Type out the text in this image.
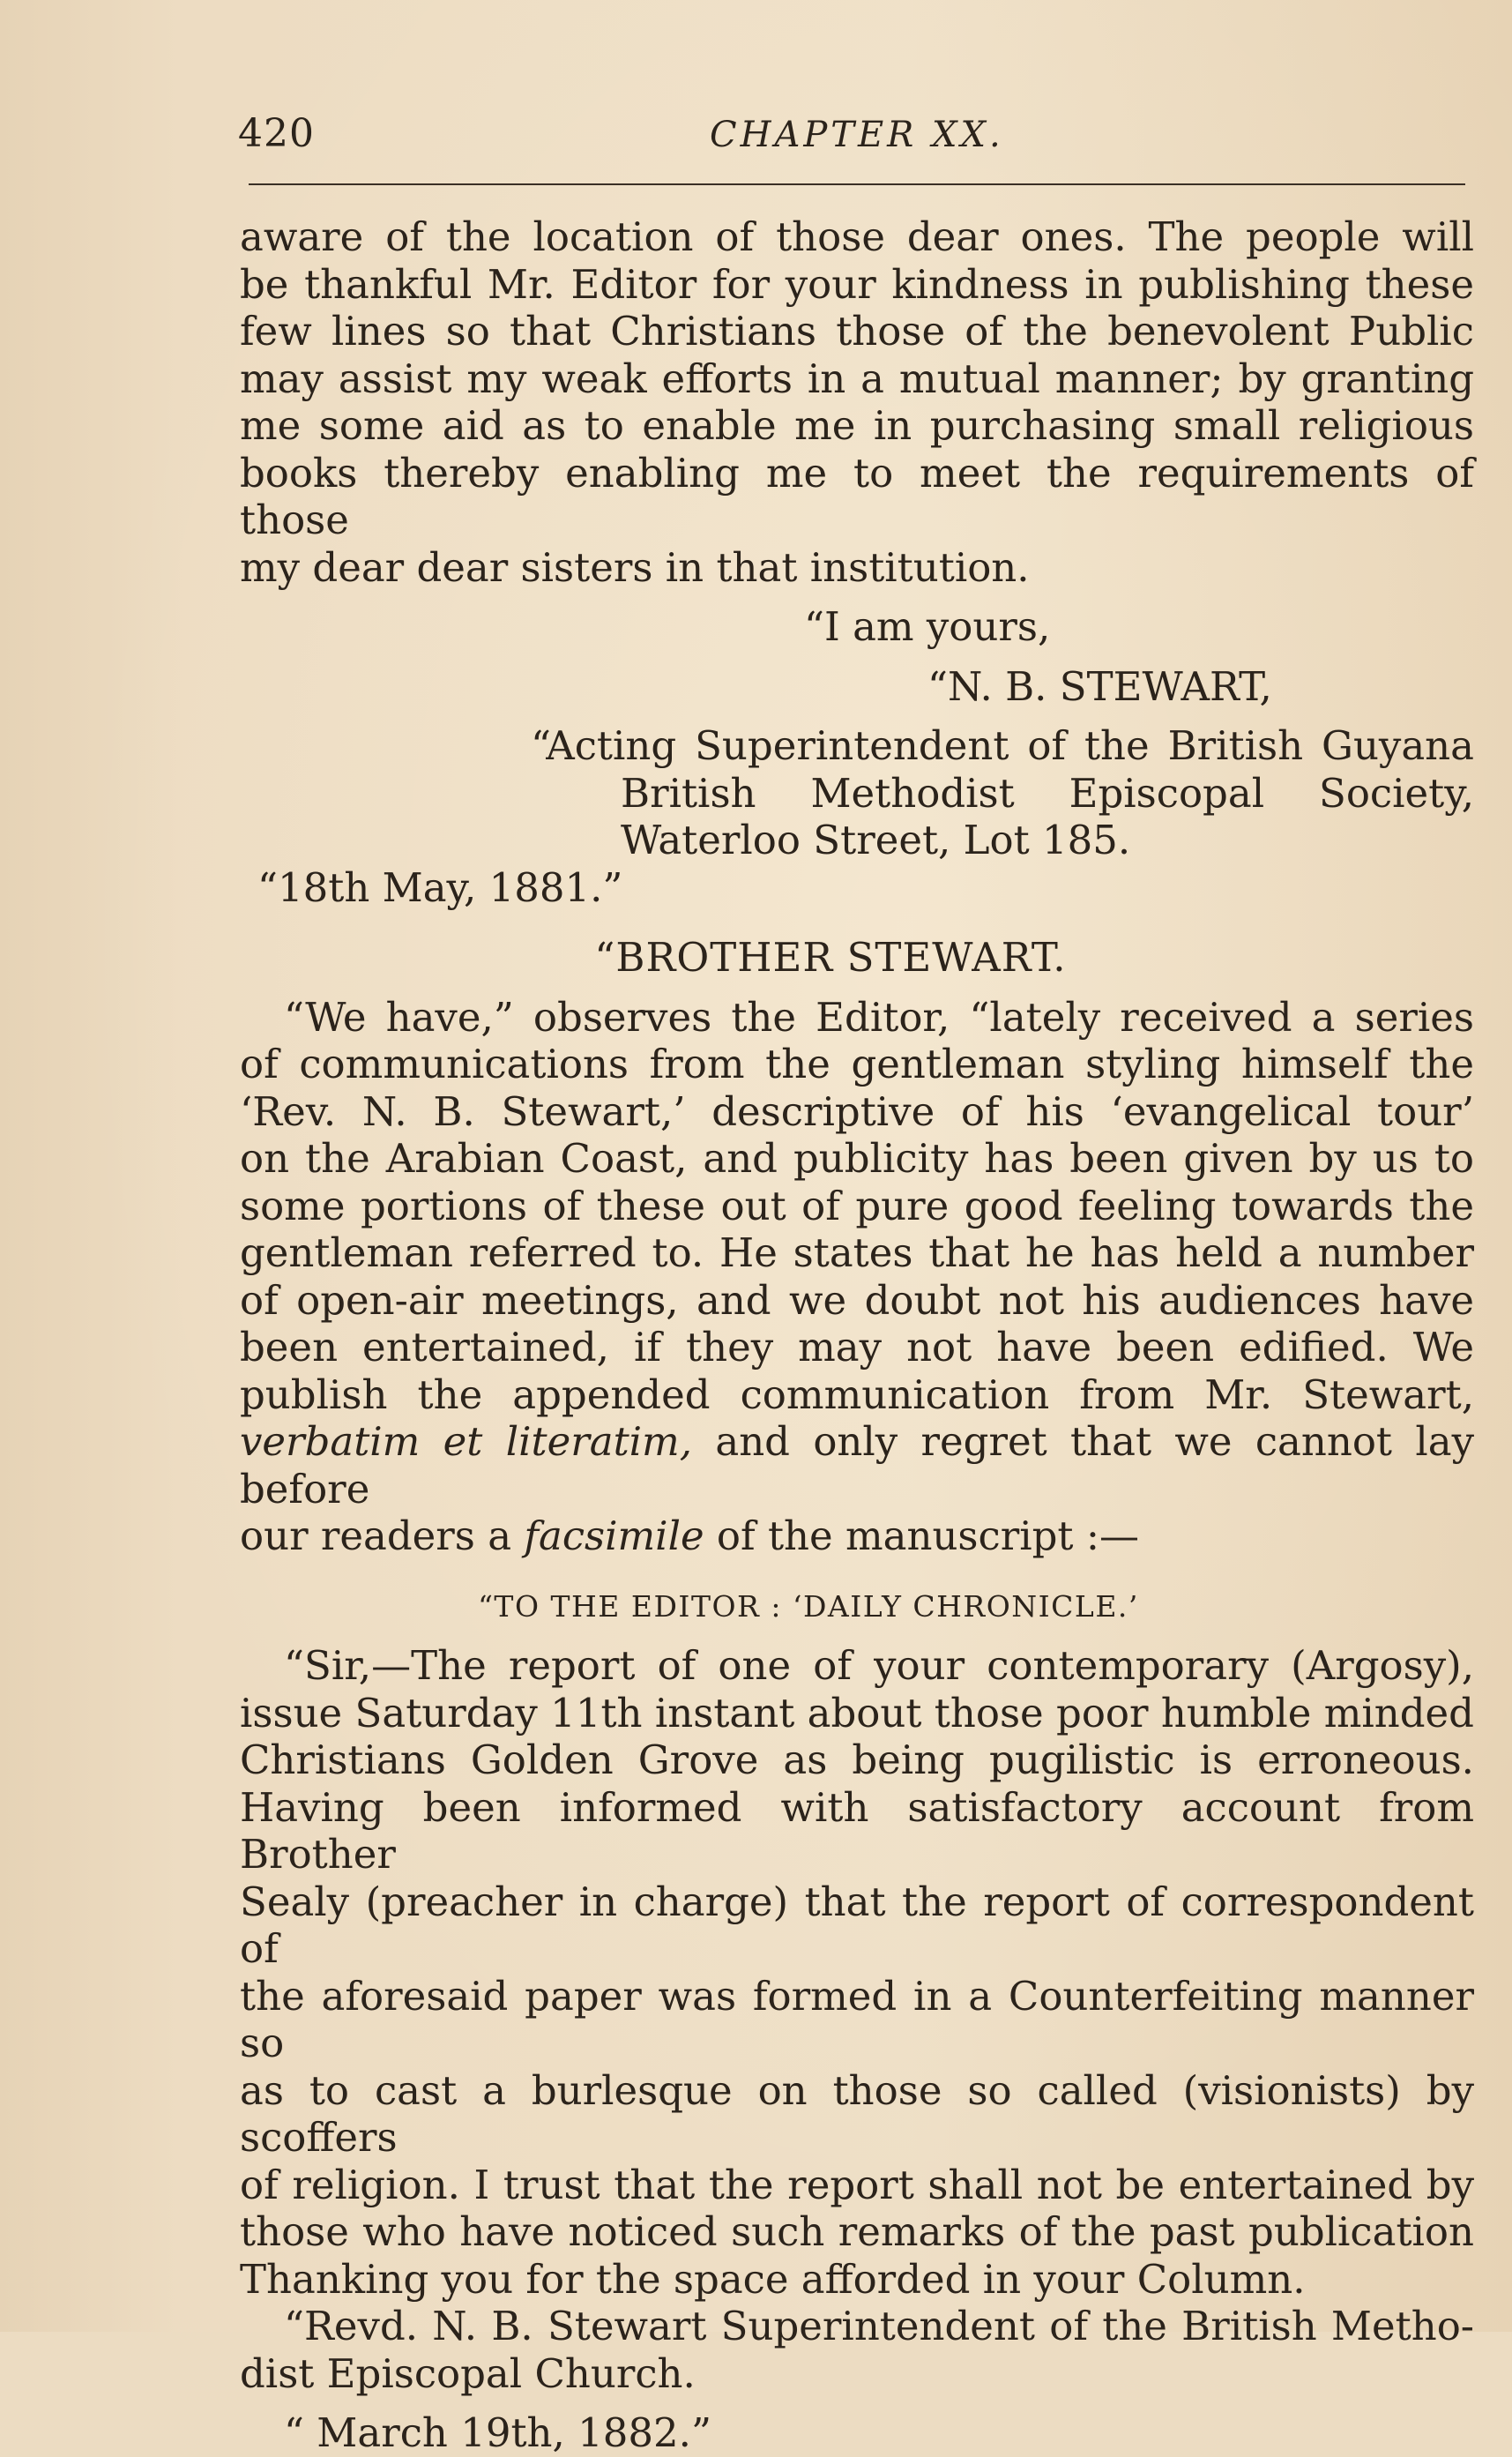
420	CHAPTER XX.

aware of the location of those dear ones. The people will

be thankful Mr. Editor for your kindness in publishing these

few lines so that Christians those of the benevolent Public

may assist my weak efforts in a mutual manner; by granting

me some aid as to enable me in purchasing small religious

books thereby enabling me to meet the requirements of those

my dear dear sisters in that institution.

“I am yours,

“N. B. STEWART,

“Acting Superintendent of the British Guyana

British Methodist Episcopal Society,

Waterloo Street, Lot 185.

“18th May, 1881.”

“BROTHER STEWART.

“We have,” observes the Editor, “lately received a series

of communications from the gentleman styling himself the

‘Rev. N. B. Stewart,’ descriptive of his ‘evangelical tour’

on the Arabian Coast, and publicity has been given by us to

some portions of these out of pure good feeling towards the

gentleman referred to. He states that he has held a number

of open-air meetings, and we doubt not his audiences have

been entertained, if they may not have been edified. We

publish the appended communication from Mr. Stewart,

verbatim et literatim, and only regret that we cannot lay before

our readers a facsimile of the manuscript :—

“TO THE EDITOR : ‘DAILY CHRONICLE.’

“Sir,—The report of one of your contemporary (Argosy),

issue Saturday 11th instant about those poor humble minded

Christians Golden Grove as being pugilistic is erroneous.

Having been informed with satisfactory account from Brother

Sealy (preacher in charge) that the report of correspondent of

the aforesaid paper was formed in a Counterfeiting manner so

as to cast a burlesque on those so called (visionists) by scoffers

of religion. I trust that the report shall not be entertained by

those who have noticed such remarks of the past publication

Thanking you for the space afforded in your Column.

“Revd. N. B. Stewart Superintendent of the British Metho-

dist Episcopal Church.

“ March 19th, 1882.”
